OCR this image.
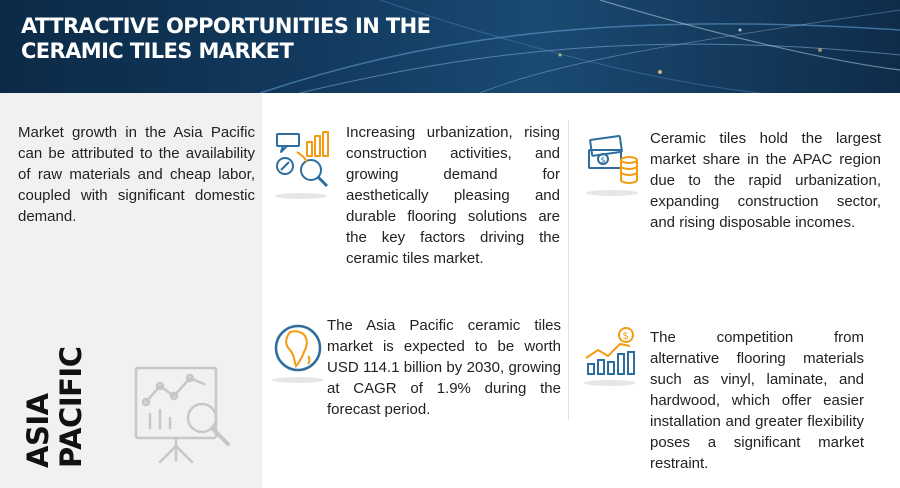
ATTRACTIVE OPPORTUNITIES IN THE CERAMIC TILES MARKET

Market growth in the Asia Pacific can be attributed to the availability of raw materials and cheap labor, coupled with significant domestic demand.

ASIA PACIFIC

Increasing urbanization, rising construction activities, and growing demand for aesthetically pleasing and durable flooring solutions are the key factors driving the ceramic tiles market.

$

Ceramic tiles hold the largest market share in the APAC region due to the rapid urbanization, expanding construction sector, and rising disposable incomes.

The Asia Pacific ceramic tiles market is expected to be worth USD 114.1 billion by 2030, growing at CAGR of 1.9% during the forecast period.

$ The competition from alternative flooring materials such as vinyl, laminate, and hardwood, which offer easier installation and greater flexibility poses a significant market restraint.
